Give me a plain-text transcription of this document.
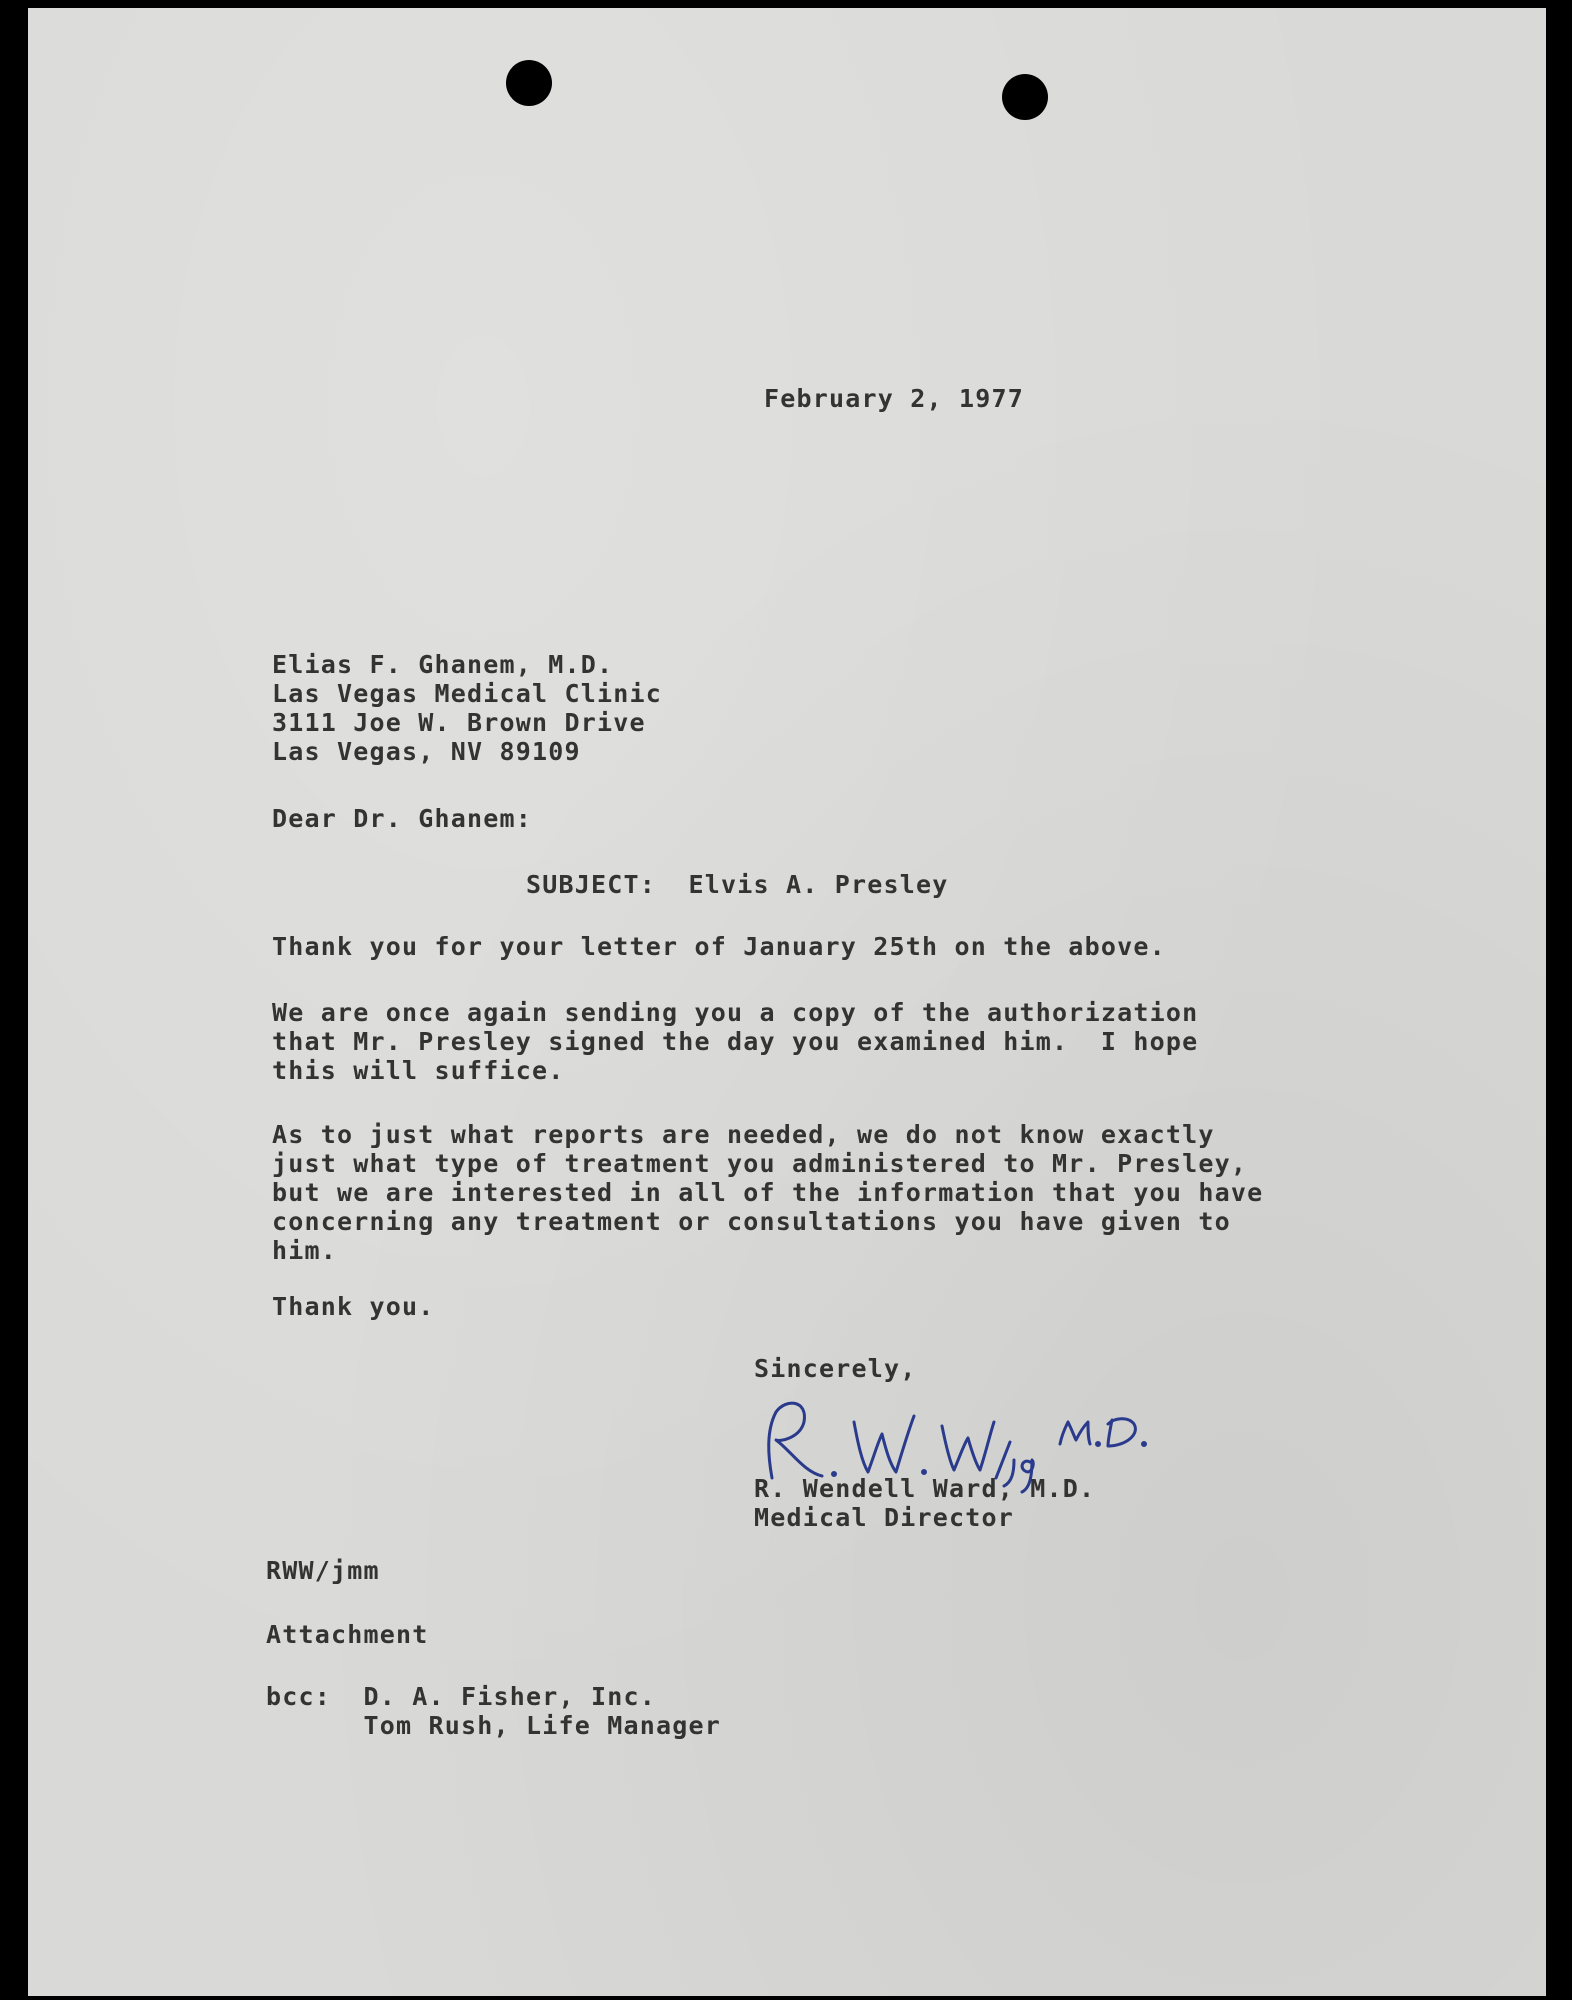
February 2, 1977
Elias F. Ghanem, M.D.
Las Vegas Medical Clinic
3111 Joe W. Brown Drive
Las Vegas, NV 89109
Dear Dr. Ghanem:
SUBJECT: Elvis A. Presley
Thank you for your letter of January 25th on the above.
We are once again sending you a copy of the authorization
that Mr. Presley signed the day you examined him.  I hope
this will suffice.
As to just what reports are needed, we do not know exactly
just what type of treatment you administered to Mr. Presley,
but we are interested in all of the information that you have
concerning any treatment or consultations you have given to
him.
Thank you.
Sincerely,
R. Wendell Ward, M.D.
Medical Director
RWW/jmm
Attachment
bcc: D. A. Fisher, Inc.
Tom Rush, Life Manager
